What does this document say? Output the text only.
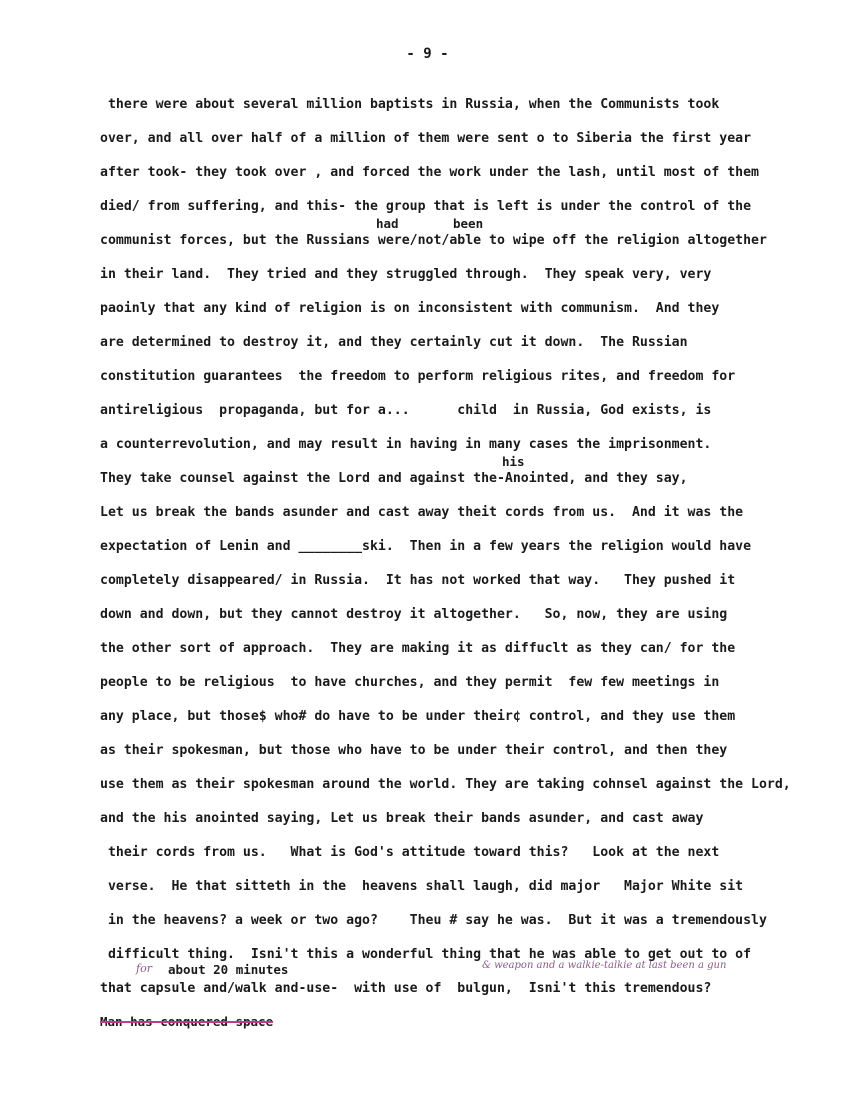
- 9 -
had	been
his
about 20 minutes
for	& weapon and a walkie-talkie at last been a gun
there were about several million baptists in Russia, when the Communists took
over, and all over half of a million of them were sent o to Siberia the first year
after took- they took over , and forced the work under the lash, until most of them
died/ from suffering, and this- the group that is left is under the control of the
communist forces, but the Russians were/not/able to wipe off the religion altogether
in their land.  They tried and they struggled through.  They speak very, very
paoinly that any kind of religion is on inconsistent with communism.  And they
are determined to destroy it, and they certainly cut it down.  The Russian
constitution guarantees  the freedom to perform religious rites, and freedom for
antireligious  propaganda, but for a...      child  in Russia, God exists, is
a counterrevolution, and may result in having in many cases the imprisonment.
They take counsel against the Lord and against the-Anointed, and they say,
Let us break the bands asunder and cast away theit cords from us.  And it was the
expectation of Lenin and ________ski.  Then in a few years the religion would have
completely disappeared/ in Russia.  It has not worked that way.   They pushed it
down and down, but they cannot destroy it altogether.   So, now, they are using
the other sort of approach.  They are making it as diffuclt as they can/ for the
people to be religious  to have churches, and they permit  few few meetings in
any place, but those$ who# do have to be under their¢ control, and they use them
as their spokesman, but those who have to be under their control, and then they
use them as their spokesman around the world. They are taking cohnsel against the Lord,
and the his anointed saying, Let us break their bands asunder, and cast away
their cords from us.   What is God's attitude toward this?   Look at the next
verse.  He that sitteth in the  heavens shall laugh, did major   Major White sit
in the heavens? a week or two ago?    Theu # say he was.  But it was a tremendously
difficult thing.  Isni't this a wonderful thing that he was able to get out to of
that capsule and/walk and-use-  with use of  bulgun,  Isni't this tremendous?
Man has conquered space
